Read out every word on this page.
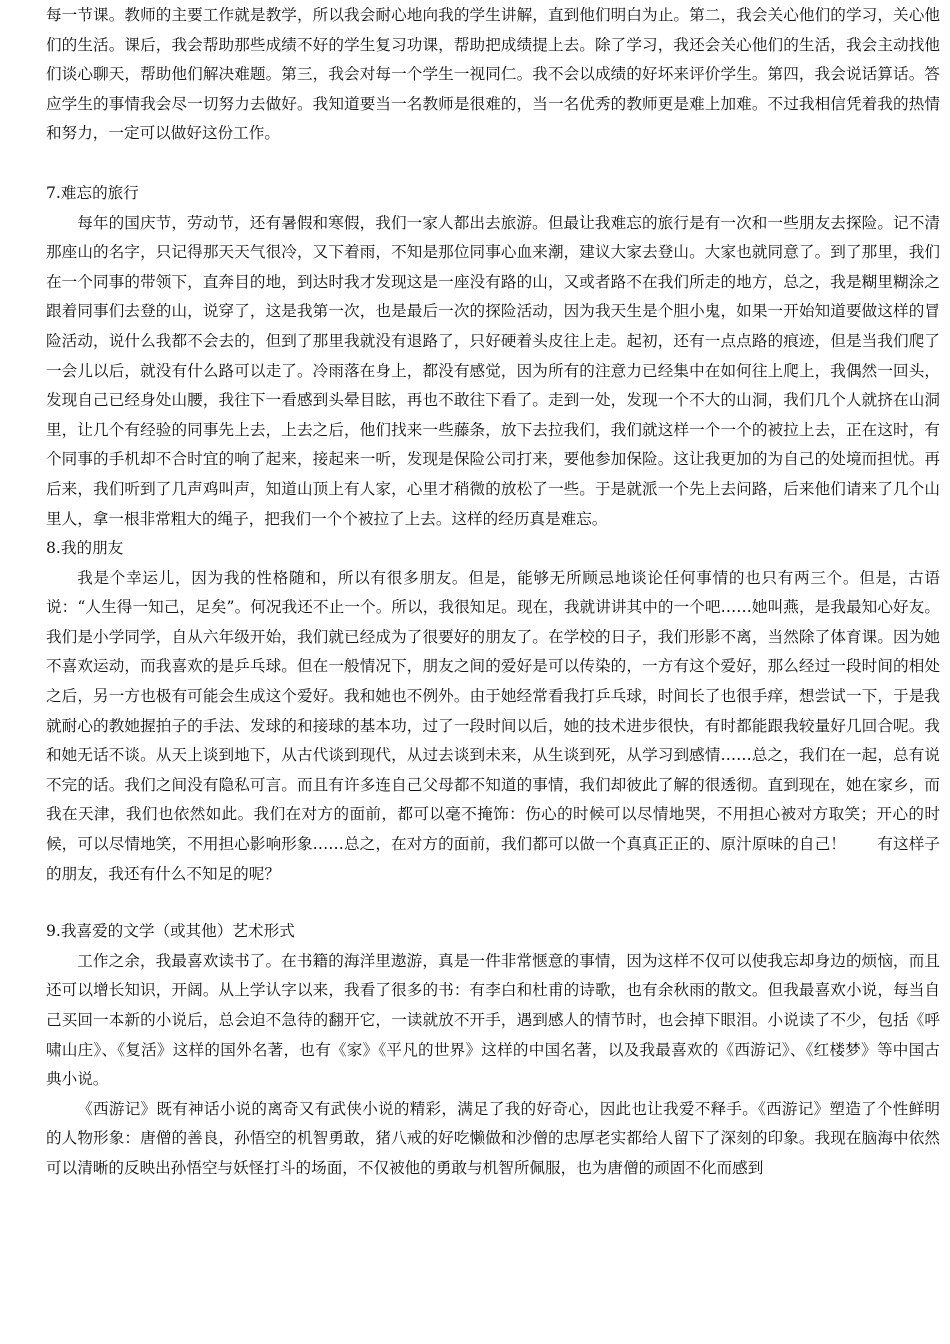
每一节课。教师的主要工作就是教学，所以我会耐心地向我的学生讲解，直到他们明白为止。第二，我会关心他们的学习，关心他们的生活。课后，我会帮助那些成绩不好的学生复习功课，帮助把成绩提上去。除了学习，我还会关心他们的生活，我会主动找他们谈心聊天，帮助他们解决难题。第三，我会对每一个学生一视同仁。我不会以成绩的好坏来评价学生。第四，我会说话算话。答应学生的事情我会尽一切努力去做好。我知道要当一名教师是很难的，当一名优秀的教师更是难上加难。不过我相信凭着我的热情和努力，一定可以做好这份工作。

7.难忘的旅行

每年的国庆节，劳动节，还有暑假和寒假，我们一家人都出去旅游。但最让我难忘的旅行是有一次和一些朋友去探险。记不清那座山的名字，只记得那天天气很冷，又下着雨，不知是那位同事心血来潮，建议大家去登山。大家也就同意了。到了那里，我们在一个同事的带领下，直奔目的地，到达时我才发现这是一座没有路的山，又或者路不在我们所走的地方，总之，我是糊里糊涂之跟着同事们去登的山，说穿了，这是我第一次，也是最后一次的探险活动，因为我天生是个胆小鬼，如果一开始知道要做这样的冒险活动，说什么我都不会去的，但到了那里我就没有退路了，只好硬着头皮往上走。起初，还有一点点路的痕迹，但是当我们爬了一会儿以后，就没有什么路可以走了。冷雨落在身上，都没有感觉，因为所有的注意力已经集中在如何往上爬上，我偶然一回头，发现自己已经身处山腰，我往下一看感到头晕目眩，再也不敢往下看了。走到一处，发现一个不大的山洞，我们几个人就挤在山洞里，让几个有经验的同事先上去，上去之后，他们找来一些藤条，放下去拉我们，我们就这样一个一个的被拉上去，正在这时，有个同事的手机却不合时宜的响了起来，接起来一听，发现是保险公司打来，要他参加保险。这让我更加的为自己的处境而担忧。再后来，我们听到了几声鸡叫声，知道山顶上有人家，心里才稍微的放松了一些。于是就派一个先上去问路，后来他们请来了几个山里人，拿一根非常粗大的绳子，把我们一个个被拉了上去。这样的经历真是难忘。

8.我的朋友

我是个幸运儿，因为我的性格随和，所以有很多朋友。但是，能够无所顾忌地谈论任何事情的也只有两三个。但是，古语说：“人生得一知己，足矣”。何况我还不止一个。所以，我很知足。现在，我就讲讲其中的一个吧……她叫燕，是我最知心好友。我们是小学同学，自从六年级开始，我们就已经成为了很要好的朋友了。在学校的日子，我们形影不离，当然除了体育课。因为她不喜欢运动，而我喜欢的是乒乓球。但在一般情况下，朋友之间的爱好是可以传染的，一方有这个爱好，那么经过一段时间的相处之后，另一方也极有可能会生成这个爱好。我和她也不例外。由于她经常看我打乒乓球，时间长了也很手痒，想尝试一下，于是我就耐心的教她握拍子的手法、发球的和接球的基本功，过了一段时间以后，她的技术进步很快，有时都能跟我较量好几回合呢。我和她无话不谈。从天上谈到地下，从古代谈到现代，从过去谈到未来，从生谈到死，从学习到感情……总之，我们在一起，总有说不完的话。我们之间没有隐私可言。而且有许多连自己父母都不知道的事情，我们却彼此了解的很透彻。直到现在，她在家乡，而我在天津，我们也依然如此。我们在对方的面前，都可以毫不掩饰：伤心的时候可以尽情地哭，不用担心被对方取笑；开心的时候，可以尽情地笑，不用担心影响形象……总之，在对方的面前，我们都可以做一个真真正正的、原汁原味的自己！　　有这样子的朋友，我还有什么不知足的呢？

9.我喜爱的文学（或其他）艺术形式

工作之余，我最喜欢读书了。在书籍的海洋里遨游，真是一件非常惬意的事情，因为这样不仅可以使我忘却身边的烦恼，而且还可以增长知识，开阔。从上学认字以来，我看了很多的书：有李白和杜甫的诗歌，也有余秋雨的散文。但我最喜欢小说，每当自己买回一本新的小说后，总会迫不急待的翻开它，一读就放不开手，遇到感人的情节时，也会掉下眼泪。小说读了不少，包括《呼啸山庄》、《复活》这样的国外名著，也有《家》《平凡的世界》这样的中国名著，以及我最喜欢的《西游记》、《红楼梦》等中国古典小说。

《西游记》既有神话小说的离奇又有武侠小说的精彩，满足了我的好奇心，因此也让我爱不释手。《西游记》塑造了个性鲜明的人物形象：唐僧的善良，孙悟空的机智勇敢，猪八戒的好吃懒做和沙僧的忠厚老实都给人留下了深刻的印象。我现在脑海中依然可以清晰的反映出孙悟空与妖怪打斗的场面，不仅被他的勇敢与机智所佩服，也为唐僧的顽固不化而感到
